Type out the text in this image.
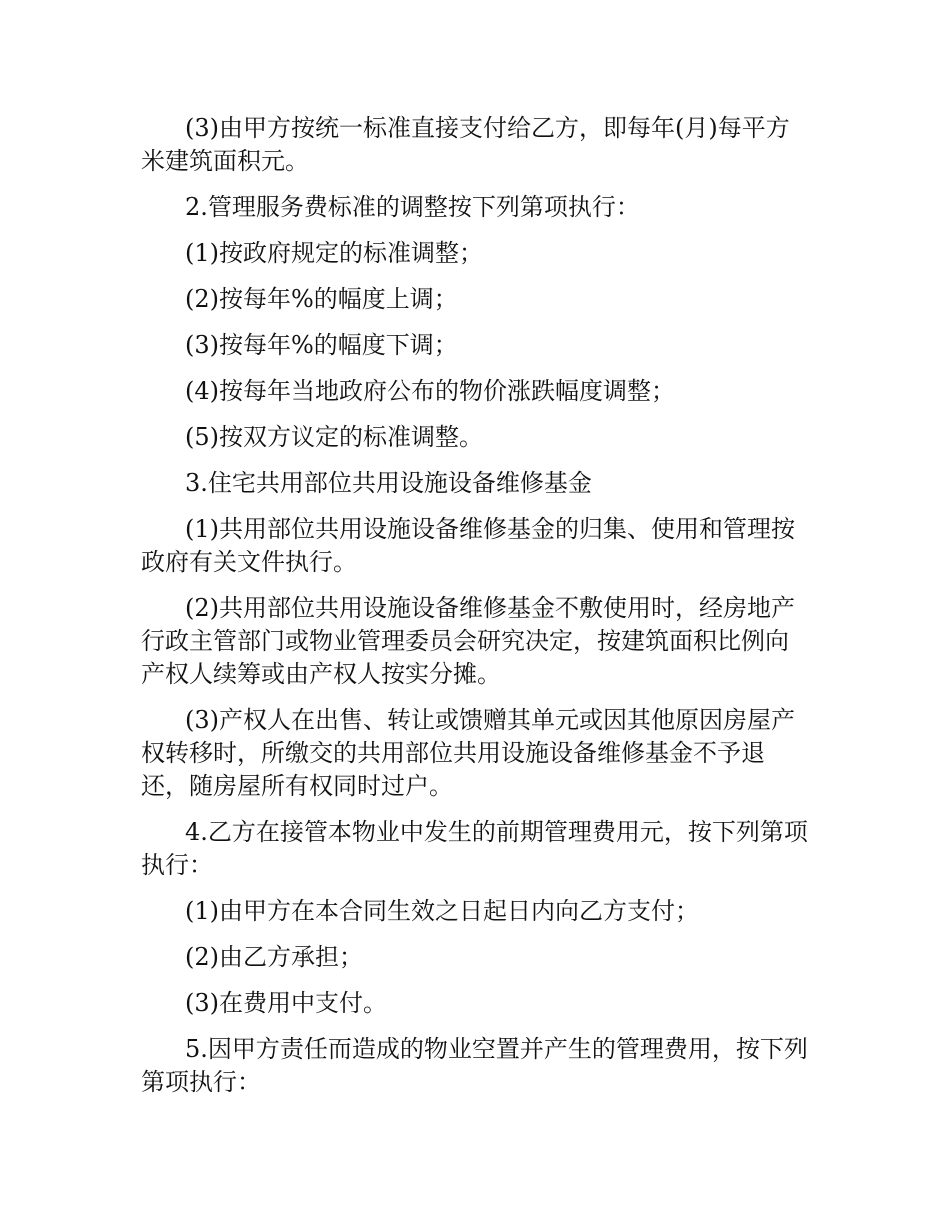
(3)由甲方按统一标准直接支付给乙方，即每年(月)每平方米建筑面积元。

2.管理服务费标准的调整按下列第项执行：

(1)按政府规定的标准调整；

(2)按每年%的幅度上调；

(3)按每年%的幅度下调；

(4)按每年当地政府公布的物价涨跌幅度调整；

(5)按双方议定的标准调整。

3.住宅共用部位共用设施设备维修基金

(1)共用部位共用设施设备维修基金的归集、使用和管理按政府有关文件执行。

(2)共用部位共用设施设备维修基金不敷使用时，经房地产行政主管部门或物业管理委员会研究决定，按建筑面积比例向产权人续筹或由产权人按实分摊。

(3)产权人在出售、转让或馈赠其单元或因其他原因房屋产权转移时，所缴交的共用部位共用设施设备维修基金不予退还，随房屋所有权同时过户。

4.乙方在接管本物业中发生的前期管理费用元，按下列第项执行：

(1)由甲方在本合同生效之日起日内向乙方支付；

(2)由乙方承担；

(3)在费用中支付。

5.因甲方责任而造成的物业空置并产生的管理费用，按下列第项执行：
